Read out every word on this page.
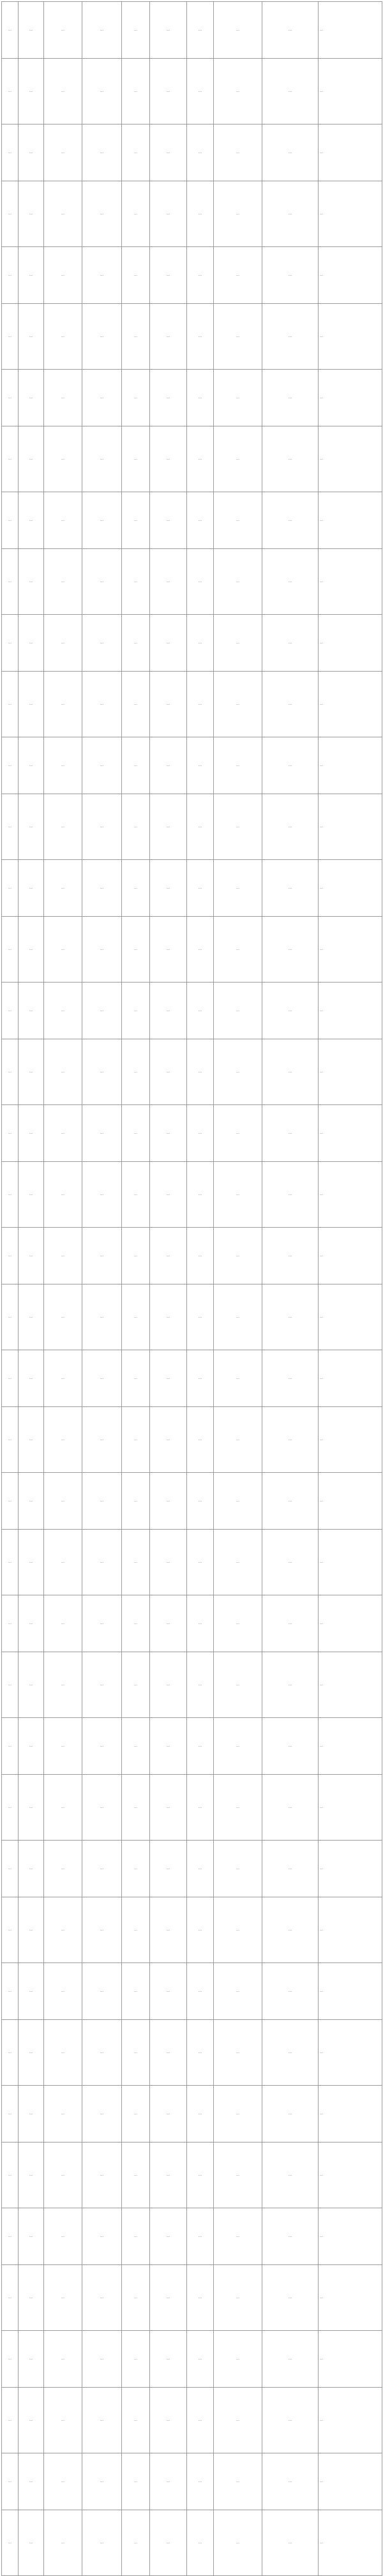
…	…	…	…	…	…	…	…	…	…
…	…	…	…	…	…	…	…	…	…
…	…	…	…	…	…	…	…	…	…
…	…	…	…	…	…	…	…	…	…
…	…	…	…	…	…	…	…	…	…
…	…	…	…	…	…	…	…	…	…
…	…	…	…	…	…	…	…	…	…
…	…	…	…	…	…	…	…	…	…
…	…	…	…	…	…	…	…	…	…
…	…	…	…	…	…	…	…	…	…
…	…	…	…	…	…	…	…	…	…
…	…	…	…	…	…	…	…	…	…
…	…	…	…	…	…	…	…	…	…
…	…	…	…	…	…	…	…	…	…
…	…	…	…	…	…	…	…	…	…
…	…	…	…	…	…	…	…	…	…
…	…	…	…	…	…	…	…	…	…
…	…	…	…	…	…	…	…	…	…
…	…	…	…	…	…	…	…	…	…
…	…	…	…	…	…	…	…	…	…
…	…	…	…	…	…	…	…	…	…
…	…	…	…	…	…	…	…	…	…
…	…	…	…	…	…	…	…	…	…
…	…	…	…	…	…	…	…	…	…
…	…	…	…	…	…	…	…	…	…
…	…	…	…	…	…	…	…	…	…
…	…	…	…	…	…	…	…	…	…
…	…	…	…	…	…	…	…	…	…
…	…	…	…	…	…	…	…	…	…
…	…	…	…	…	…	…	…	…	…
…	…	…	…	…	…	…	…	…	…
…	…	…	…	…	…	…	…	…	…
…	…	…	…	…	…	…	…	…	…
…	…	…	…	…	…	…	…	…	…
…	…	…	…	…	…	…	…	…	…
…	…	…	…	…	…	…	…	…	…
…	…	…	…	…	…	…	…	…	…
…	…	…	…	…	…	…	…	…	…
…	…	…	…	…	…	…	…	…	…
…	…	…	…	…	…	…	…	…	…
…	…	…	…	…	…	…	…	…	…
…	…	…	…	…	…	…	…	…	…
